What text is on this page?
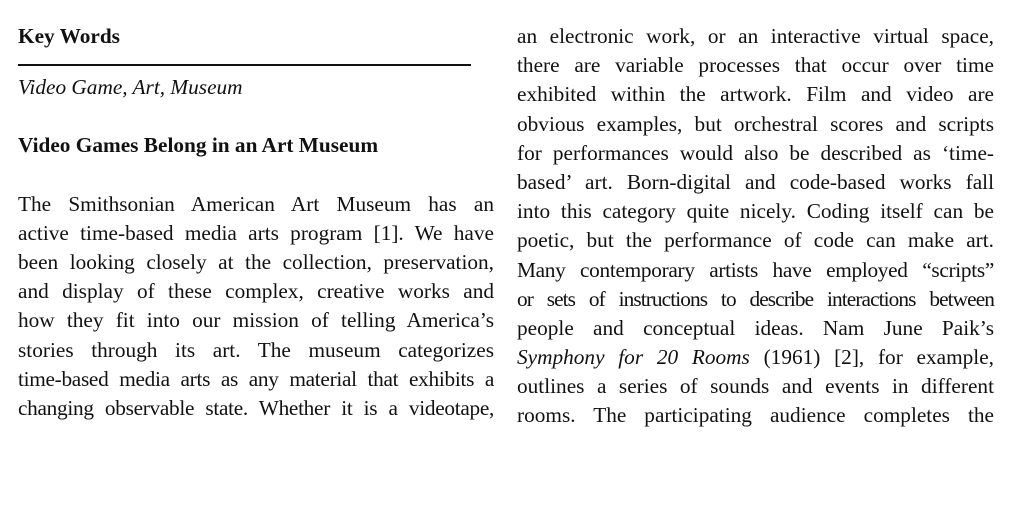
Key Words
Video Game, Art, Museum
Video Games Belong in an Art Museum
The Smithsonian American Art Museum has an
active time-based media arts program [1]. We have
been looking closely at the collection, preservation,
and display of these complex, creative works and
how they fit into our mission of telling America’s
stories through its art. The museum categorizes
time-based media arts as any material that exhibits a
changing observable state. Whether it is a videotape,
an electronic work, or an interactive virtual space,
there are variable processes that occur over time
exhibited within the artwork. Film and video are
obvious examples, but orchestral scores and scripts
for performances would also be described as ‘time-
based’ art. Born-digital and code-based works fall
into this category quite nicely. Coding itself can be
poetic, but the performance of code can make art.
Many contemporary artists have employed “scripts”
or sets of instructions to describe interactions between
people and conceptual ideas. Nam June Paik’s
Symphony for 20 Rooms (1961) [2], for example,
outlines a series of sounds and events in different
rooms. The participating audience completes the
